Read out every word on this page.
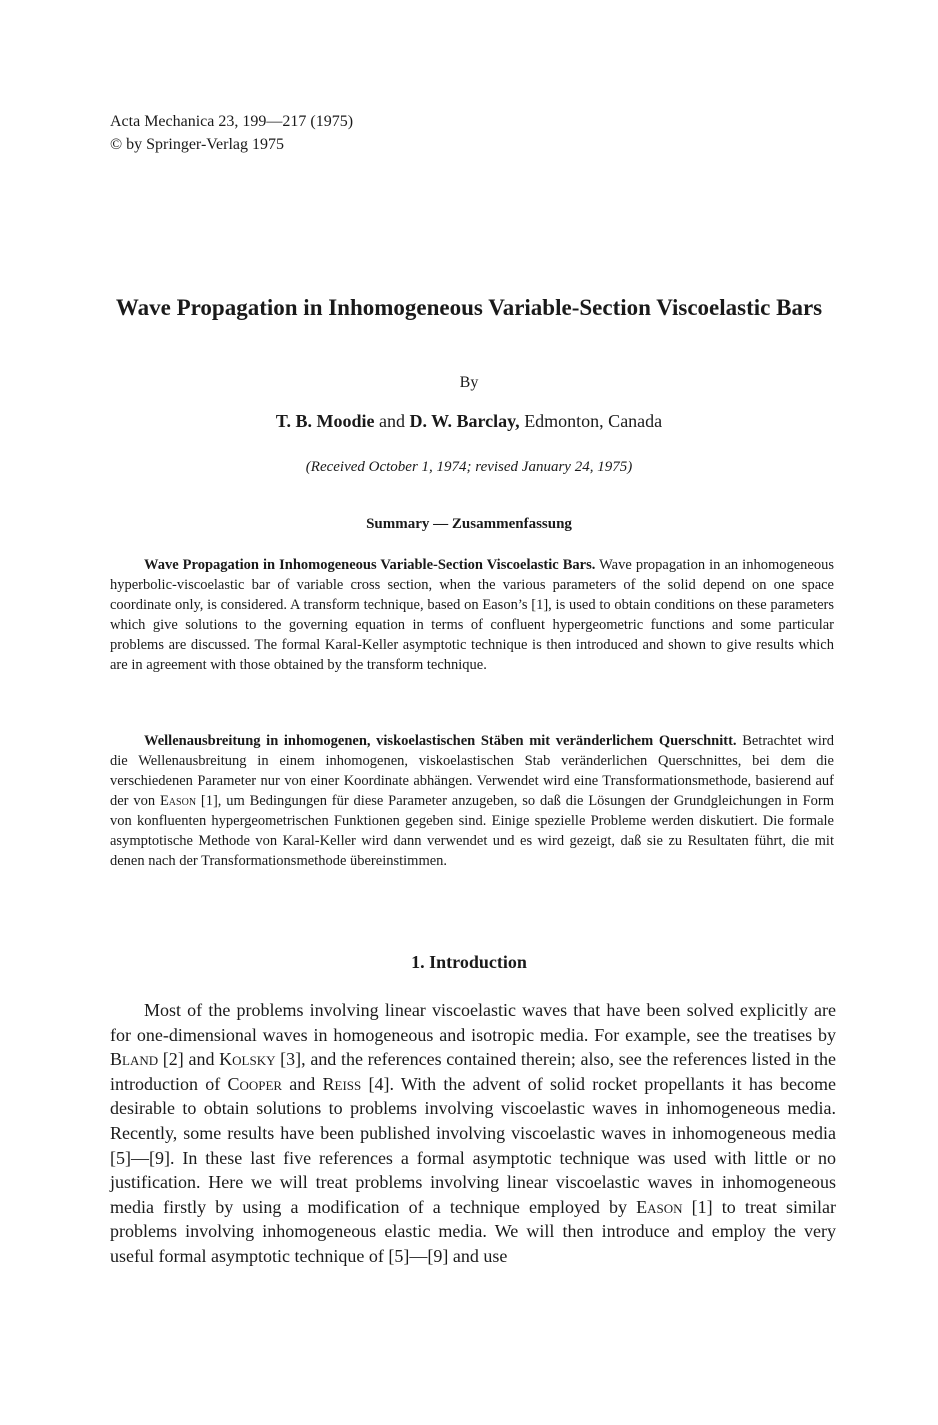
Acta Mechanica 23, 199—217 (1975)
© by Springer-Verlag 1975
Wave Propagation in Inhomogeneous Variable-Section Viscoelastic Bars
By
T. B. Moodie and D. W. Barclay, Edmonton, Canada
(Received October 1, 1974; revised January 24, 1975)
Summary — Zusammenfassung

Wave Propagation in Inhomogeneous Variable-Section Viscoelastic Bars. Wave propagation in an inhomogeneous hyperbolic-viscoelastic bar of variable cross section, when the various parameters of the solid depend on one space coordinate only, is considered. A transform technique, based on Eason’s [1], is used to obtain conditions on these parameters which give solutions to the governing equation in terms of confluent hypergeometric functions and some particular problems are discussed. The formal Karal-Keller asymptotic technique is then introduced and shown to give results which are in agreement with those obtained by the transform technique.

Wellenausbreitung in inhomogenen, viskoelastischen Stäben mit veränderlichem Querschnitt. Betrachtet wird die Wellenausbreitung in einem inhomogenen, viskoelastischen Stab veränderlichen Querschnittes, bei dem die verschiedenen Parameter nur von einer Koordinate abhängen. Verwendet wird eine Transformationsmethode, basierend auf der von Eason [1], um Bedingungen für diese Parameter anzugeben, so daß die Lösungen der Grundgleichungen in Form von konfluenten hypergeometrischen Funktionen gegeben sind. Einige spezielle Probleme werden diskutiert. Die formale asymptotische Methode von Karal-Keller wird dann verwendet und es wird gezeigt, daß sie zu Resultaten führt, die mit denen nach der Transformationsmethode übereinstimmen.

1. Introduction

Most of the problems involving linear viscoelastic waves that have been solved explicitly are for one-dimensional waves in homogeneous and isotropic media. For example, see the treatises by Bland [2] and Kolsky [3], and the references contained therein; also, see the references listed in the introduction of Cooper and Reiss [4]. With the advent of solid rocket propellants it has become desirable to obtain solutions to problems involving viscoelastic waves in inhomogeneous media. Recently, some results have been published involving viscoelastic waves in inhomogeneous media [5]—[9]. In these last five references a formal asymptotic technique was used with little or no justification. Here we will treat problems involving linear viscoelastic waves in inhomogeneous media firstly by using a modification of a technique employed by Eason [1] to treat similar problems involving inhomogeneous elastic media. We will then introduce and employ the very useful formal asymptotic technique of [5]—[9] and use
